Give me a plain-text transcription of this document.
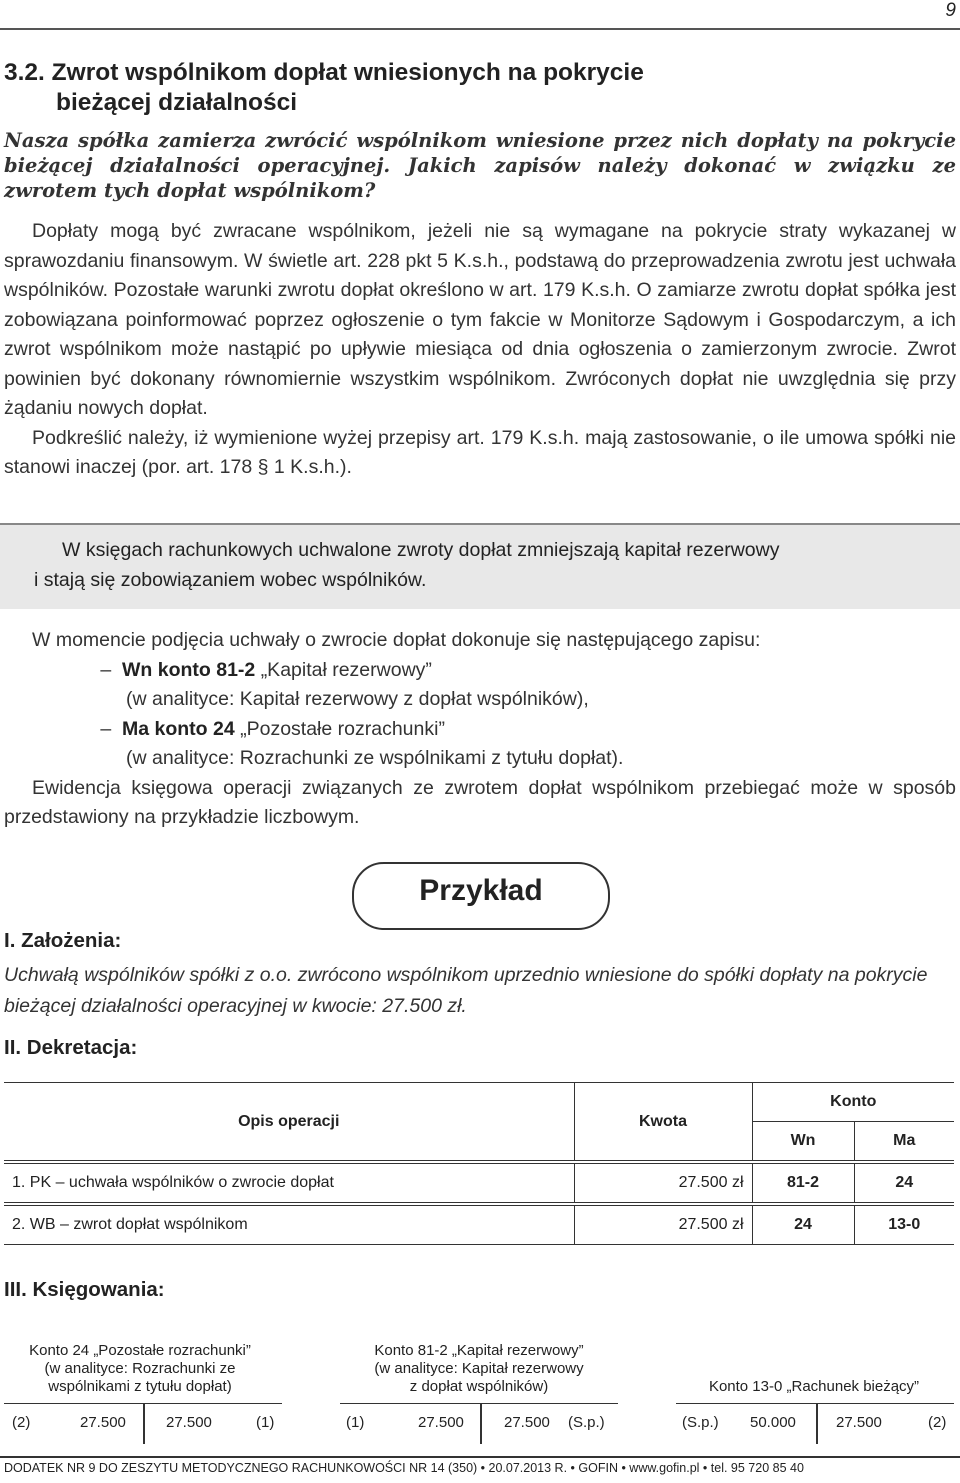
9
3.2. Zwrot wspólnikom dopłat wniesionych na pokrycie
bieżącej działalności
Nasza spółka zamierza zwrócić wspólnikom wniesione przez nich dopłaty na pokrycie bieżącej działalności operacyjnej. Jakich zapisów należy dokonać w związku ze zwrotem tych dopłat wspólnikom?

Dopłaty mogą być zwracane wspólnikom, jeżeli nie są wymagane na pokrycie straty wykazanej w sprawozdaniu finansowym. W świetle art. 228 pkt 5 K.s.h., podstawą do przeprowadzenia zwrotu jest uchwała wspólników. Pozostałe warunki zwrotu dopłat określono w art. 179 K.s.h. O zamiarze zwrotu dopłat spółka jest zobowiązana poinformować poprzez ogłoszenie o tym fakcie w Monitorze Sądowym i Gospodarczym, a ich zwrot wspólnikom może nastąpić po upływie miesiąca od dnia ogłoszenia o zamierzonym zwrocie. Zwrot powinien być dokonany równomiernie wszystkim wspólnikom. Zwróconych dopłat nie uwzględnia się przy żądaniu nowych dopłat.

Podkreślić należy, iż wymienione wyżej przepisy art. 179 K.s.h. mają zastosowanie, o ile umowa spółki nie stanowi inaczej (por. art. 178 § 1 K.s.h.).

W księgach rachunkowych uchwalone zwroty dopłat zmniejszają kapitał rezerwowy
i stają się zobowiązaniem wobec wspólników.
W momencie podjęcia uchwały o zwrocie dopłat dokonuje się następującego zapisu:
–  Wn konto 81-2 „Kapitał rezerwowy”
(w analityce: Kapitał rezerwowy z dopłat wspólników),
–  Ma konto 24 „Pozostałe rozrachunki”
(w analityce: Rozrachunki ze wspólnikami z tytułu dopłat).
Ewidencja księgowa operacji związanych ze zwrotem dopłat wspólnikom przebiegać może w sposób przedstawiony na przykładzie liczbowym.
Przykład
I. Założenia:
Uchwałą wspólników spółki z o.o. zwrócono wspólnikom uprzednio wniesione do spółki dopłaty na pokrycie bieżącej działalności operacyjnej w kwocie: 27.500 zł.
II. Dekretacja:
Opis operacji	Kwota	Konto	
		Wn	Ma

1. PK – uchwała wspólników o zwrocie dopłat	27.500 zł	81-2	24

2. WB – zwrot dopłat wspólnikom	27.500 zł	24	13-0
III. Księgowania:
Konto 24 „Pozostałe rozrachunki”
(w analityce: Rozrachunki ze
wspólnikami z tytułu dopłat)
(2)	27.500	27.500	(1)
Konto 81-2 „Kapitał rezerwowy”
(w analityce: Kapitał rezerwowy
z dopłat wspólników)
(1)	27.500	27.500 (S.p.)
Konto 13-0 „Rachunek bieżący”
(S.p.) 50.000	27.500	(2)
DODATEK NR 9 DO ZESZYTU METODYCZNEGO RACHUNKOWOŚCI NR 14 (350) • 20.07.2013 R. • GOFIN • www.gofin.pl • tel. 95 720 85 40
